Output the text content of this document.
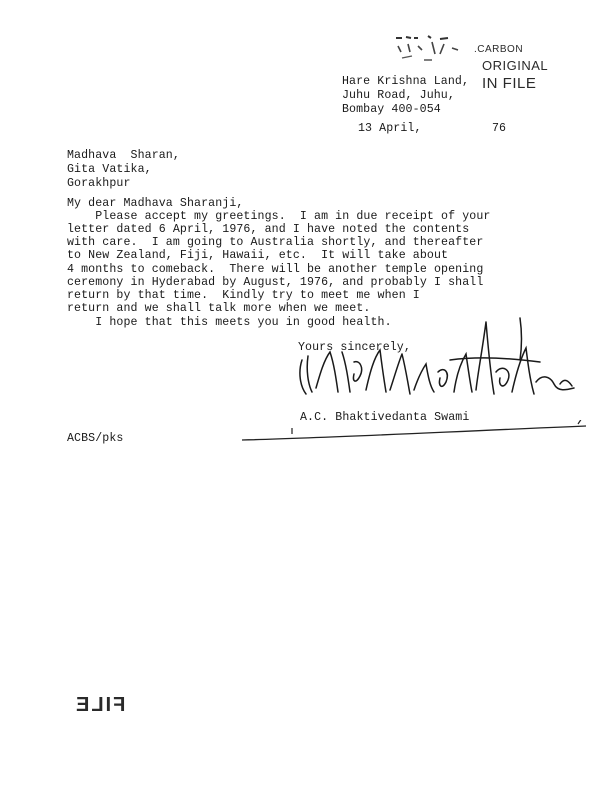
.CARBON
ORIGINAL
IN FILE
Hare Krishna Land,
Juhu Road, Juhu,
Bombay 400-054
13 April,	76
Madhava  Sharan,
Gita Vatika,
Gorakhpur
My dear Madhava Sharanji,
Please accept my greetings.  I am in due receipt of your
letter dated 6 April, 1976, and I have noted the contents
with care.  I am going to Australia shortly, and thereafter
to New Zealand, Fiji, Hawaii, etc.  It will take about
4 months to comeback.  There will be another temple opening
ceremony in Hyderabad by August, 1976, and probably I shall
return by that time.  Kindly try to meet me when I
return and we shall talk more when we meet.
I hope that this meets you in good health.
Yours sincerely,
A.C. Bhaktivedanta Swami
ACBS/pks
FILE
